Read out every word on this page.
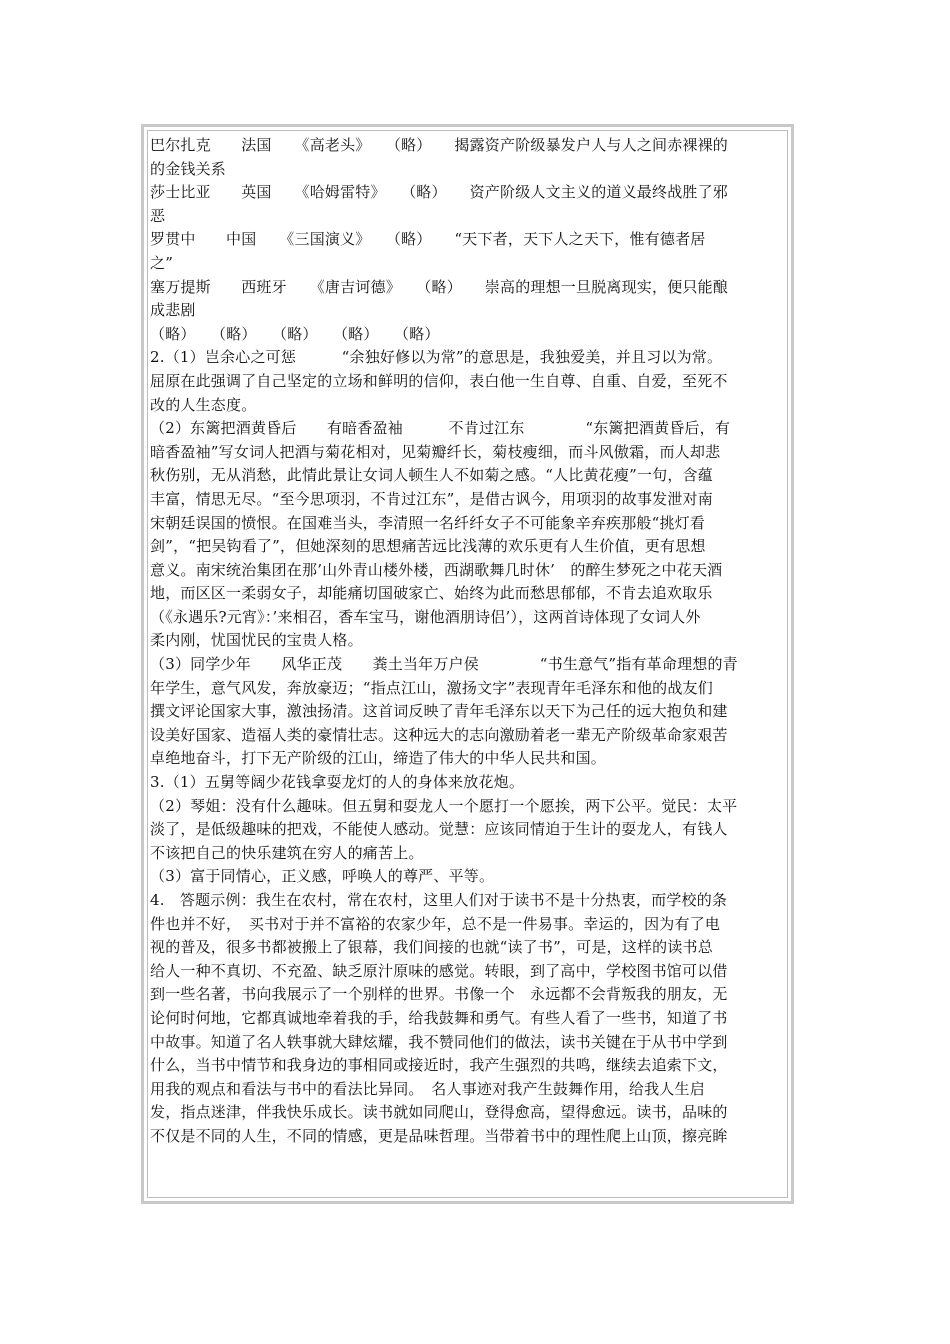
巴尔扎克　　法国　　《高老头》　　（略）　　揭露资产阶级暴发户人与人之间赤裸裸的
的金钱关系
莎士比亚　　英国　　《哈姆雷特》　　（略）　　资产阶级人文主义的道义最终战胜了邪
恶
罗贯中　　中国　　《三国演义》　　（略）　　“天下者，天下人之天下，惟有德者居
之”
塞万提斯　　西班牙　　《唐吉诃德》　　（略）　　崇高的理想一旦脱离现实，便只能酿
成悲剧
（略）　　（略）　　（略）　　（略）　　（略）
2.（1）岂余心之可惩　　　“余独好修以为常”的意思是，我独爱美，并且习以为常。
屈原在此强调了自己坚定的立场和鲜明的信仰，表白他一生自尊、自重、自爱，至死不
改的人生态度。
（2）东篱把酒黄昏后　　有暗香盈袖　　　不肯过江东　　　　“东篱把酒黄昏后，有
暗香盈袖”写女词人把酒与菊花相对，见菊瓣纤长，菊枝瘦细，而斗风傲霜，而人却悲
秋伤别，无从消愁，此情此景让女词人顿生人不如菊之感。“人比黄花瘦”一句，含蕴
丰富，情思无尽。“至今思项羽，不肯过江东”，是借古讽今，用项羽的故事发泄对南
宋朝廷误国的愤恨。在国难当头，李清照一名纤纤女子不可能象辛弃疾那般“挑灯看
剑”，“把吴钩看了”，但她深刻的思想痛苦远比浅薄的欢乐更有人生价值，更有思想
意义。南宋统治集团在那’山外青山楼外楼，西湖歌舞几时休’　的醉生梦死之中花天酒
地，而区区一柔弱女子，却能痛切国破家亡、始终为此而愁思郁郁，不肯去追欢取乐
（《永遇乐?元宵》：’来相召，香车宝马，谢他酒朋诗侣’），这两首诗体现了女词人外
柔内刚，忧国忧民的宝贵人格。
（3）同学少年　　风华正茂　　粪土当年万户侯　　　　“书生意气”指有革命理想的青
年学生，意气风发，奔放豪迈；“指点江山，激扬文字”表现青年毛泽东和他的战友们
撰文评论国家大事，激浊扬清。这首词反映了青年毛泽东以天下为己任的远大抱负和建
设美好国家、造福人类的豪情壮志。这种远大的志向激励着老一辈无产阶级革命家艰苦
卓绝地奋斗，打下无产阶级的江山，缔造了伟大的中华人民共和国。
3.（1）五舅等阔少花钱拿耍龙灯的人的身体来放花炮。
（2）琴姐：没有什么趣味。但五舅和耍龙人一个愿打一个愿挨，两下公平。觉民：太平
淡了，是低级趣味的把戏，不能使人感动。觉慧：应该同情迫于生计的耍龙人，有钱人
不该把自己的快乐建筑在穷人的痛苦上。
（3）富于同情心，正义感，呼唤人的尊严、平等。
4.　答题示例：我生在农村，常在农村，这里人们对于读书不是十分热衷，而学校的条
件也并不好，　买书对于并不富裕的农家少年，总不是一件易事。幸运的，因为有了电
视的普及，很多书都被搬上了银幕，我们间接的也就“读了书”，可是，这样的读书总
给人一种不真切、不充盈、缺乏原汁原味的感觉。转眼，到了高中，学校图书馆可以借
到一些名著，书向我展示了一个别样的世界。书像一个　永远都不会背叛我的朋友，无
论何时何地，它都真诚地牵着我的手，给我鼓舞和勇气。有些人看了一些书，知道了书
中故事。知道了名人轶事就大肆炫耀，我不赞同他们的做法，读书关键在于从书中学到
什么，当书中情节和我身边的事相同或接近时，我产生强烈的共鸣，继续去追索下文，
用我的观点和看法与书中的看法比异同。　名人事迹对我产生鼓舞作用，给我人生启
发，指点迷津，伴我快乐成长。读书就如同爬山，登得愈高，望得愈远。读书，品味的
不仅是不同的人生，不同的情感，更是品味哲理。当带着书中的理性爬上山顶，擦亮眸
